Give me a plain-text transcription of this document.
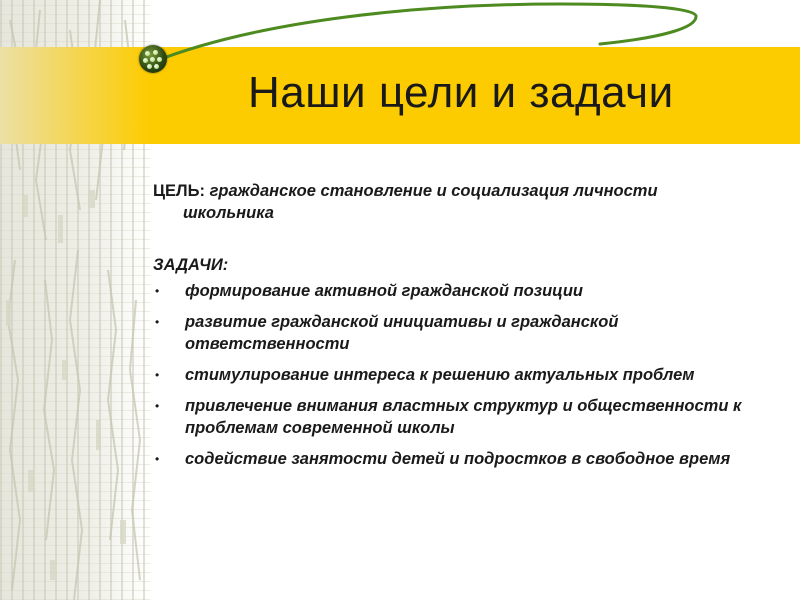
Наши цели и задачи
ЦЕЛЬ: гражданское становление и социализация личности
школьника
ЗАДАЧИ:
• формирование активной гражданской позиции
• развитие гражданской инициативы и гражданской ответственности
• стимулирование интереса к решению актуальных проблем
• привлечение внимания властных структур и общественности к проблемам современной школы
• содействие занятости детей и подростков в свободное время
